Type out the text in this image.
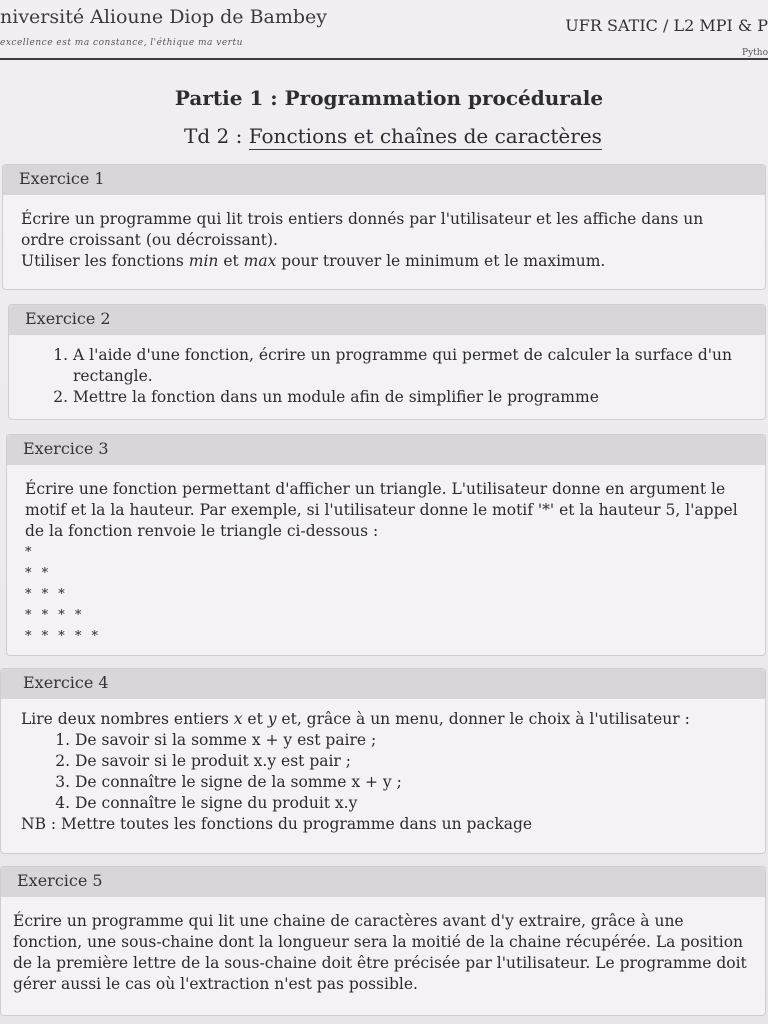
niversité Alioune Diop de Bambey
excellence est ma constance, l'éthique ma vertu
UFR SATIC / L2 MPI & P
Pytho
Partie 1 : Programmation procédurale
Td 2 : Fonctions et chaînes de caractères
Exercice 1

Écrire un programme qui lit trois entiers donnés par l'utilisateur et les affiche dans un ordre croissant (ou décroissant).

Utiliser les fonctions min et max pour trouver le minimum et le maximum.

Exercice 2
1. A l'aide d'une fonction, écrire un programme qui permet de calculer la surface d'un rectangle.
2. Mettre la fonction dans un module afin de simplifier le programme
Exercice 3

Écrire une fonction permettant d'afficher un triangle. L'utilisateur donne en argument le motif et la la hauteur. Par exemple, si l'utilisateur donne le motif '*' et la hauteur 5, l'appel de la fonction renvoie le triangle ci-dessous :

*

* *

* * *

* * * *

* * * * *

Exercice 4

Lire deux nombres entiers x et y et, grâce à un menu, donner le choix à l'utilisateur :

1. De savoir si la somme x + y est paire ;
2. De savoir si le produit x.y est pair ;
3. De connaître le signe de la somme x + y ;
4. De connaître le signe du produit x.y

NB : Mettre toutes les fonctions du programme dans un package

Exercice 5

Écrire un programme qui lit une chaine de caractères avant d'y extraire, grâce à une fonction, une sous-chaine dont la longueur sera la moitié de la chaine récupérée. La position de la première lettre de la sous-chaine doit être précisée par l'utilisateur. Le programme doit gérer aussi le cas où l'extraction n'est pas possible.
